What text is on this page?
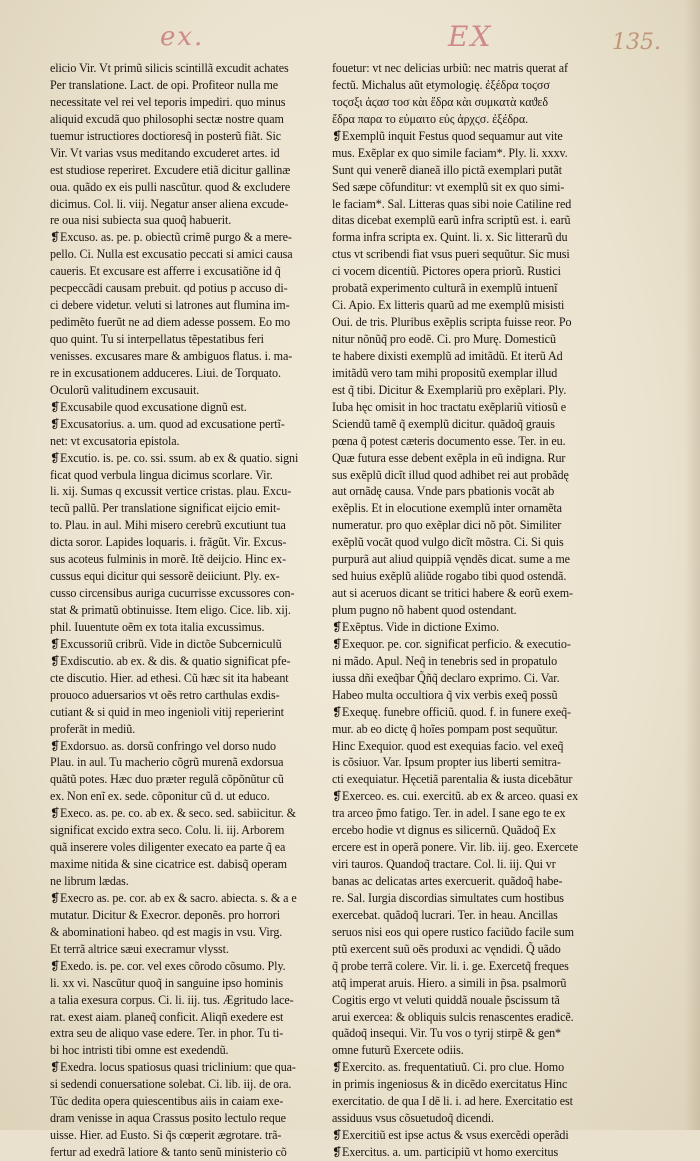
ex.	EX	135.
elicio Vir. Vt primũ silicis scintillã excudit achates
Per translatione. Lact. de opi. Profiteor nulla me
necessitate vel rei vel teporis impediri. quo minus
aliquid excudã quo philosophi sectæ nostre quam
tuemur istructiores doctioresq̃ in posterũ fiãt. Sic
Vir. Vt varias vsus meditando excuderet artes. id
est studiose reperiret. Excudere etiã dicitur gallinæ
oua. quãdo ex eis pulli nascũtur. quod & excludere
dicimus. Col. li. viij. Negatur anser aliena excude-
re oua nisi subiecta sua quoq̃ habuerit.
❡Excuso. as. pe. p. obiectũ crimẽ purgo & a mere-
pello. Ci. Nulla est excusatio peccati si amici causa
caueris. Et excusare est afferre i excusatiõne id q̃
pecpeccãdi causam prebuit. qd potius p accuso di-
ci debere videtur. veluti si latrones aut flumina im-
pedimẽto fuerũt ne ad diem adesse possem. Eo mo
quo quint. Tu si interpellatus tẽpestatibus feri
venisses. excusares mare & ambiguos flatus. i. ma-
re in excusationem adduceres. Liui. de Torquato.
Oculorũ valitudinem excusauit.
❡Excusabile quod excusatione dignũ est.
❡Excusatorius. a. um. quod ad excusatione pertĩ-
net: vt excusatoria epistola.
❡Excutio. is. pe. co. ssi. ssum. ab ex & quatio. signi
ficat quod verbula lingua dicimus scorlare. Vir.
li. xij. Sumas q excussit vertice cristas. plau. Excu-
tecũ pallũ. Per translatione significat eijcio emit-
to. Plau. in aul. Mihi misero cerebrũ excutiunt tua
dicta soror. Lapides loquaris. i. frãgũt. Vir. Excus-
sus acoteus fulminis in morẽ. Itẽ deijcio. Hinc ex-
cussus equi dicitur qui sessorẽ deiiciunt. Ply. ex-
cusso circensibus auriga cucurrisse excussores con-
stat & primatũ obtinuisse. Item eligo. Cice. lib. xij.
phil. Iuuentute oẽm ex tota italia excussimus.
❡Excussoriũ cribrũ. Vide in dictõe Subcerniculũ
❡Exdiscutio. ab ex. & dis. & quatio significat pfe-
cte discutio. Hier. ad ethesi. Cũ hæc sit ita habeant
prouoco aduersarios vt oẽs retro carthulas exdis-
cutiant & si quid in meo ingenioli vitij reperierint
proferãt in mediũ.
❡Exdorsuo. as. dorsũ confringo vel dorso nudo
Plau. in aul. Tu macherio cõgrũ murenã exdorsua
quãtũ potes. Hæc duo præter regulã cõpõnũtur cũ
ex. Non enĩ ex. sede. cõponitur cũ d. ut educo.
❡Execo. as. pe. co. ab ex. & seco. sed. sabiicitur. &
significat excido extra seco. Colu. li. iij. Arborem
quã inserere voles diligenter execato ea parte q̃ ea
maxime nitida & sine cicatrice est. dabisq̃ operam
ne librum lædas.
❡Execro as. pe. cor. ab ex & sacro. abiecta. s. & a e
mutatur. Dicitur & Execror. deponẽs. pro horrori
& abominationi habeo. qd est magis in vsu. Virg.
Et terrã altrice sæui execramur vlysst.
❡Exedo. is. pe. cor. vel exes cõrodo cõsumo. Ply.
li. xx vi. Nascũtur quoq̃ in sanguine ipso hominis
a talia exesura corpus. Ci. li. iij. tus. Ægritudo lace-
rat. exest aiam. planeq̃ conficit. Aliqñ exedere est
extra seu de aliquo vase edere. Ter. in phor. Tu ti-
bi hoc intristi tibi omne est exedendũ.
❡Exedra. locus spatiosus quasi triclinium: que qua-
si sedendi conuersatione solebat. Ci. lib. iij. de ora.
Tũc dedita opera quiescentibus aiis in caiam exe-
dram venisse in aqua Crassus posito lectulo reque
uisse. Hier. ad Eusto. Si q̃s cœperit ægrotare. trã-
fertur ad exedrã latiore & tanto senũ ministerio cõ
fouetur: vt nec delicias urbiũ: nec matris querat af
fectũ. Michalus aũt etymologię. ἐξέδρα τοϛσσ
τοϛσξι ἀϛασ τοσ κὰι ἔδρα κὰι συμκατὰ καϑεδ
ἔδρα παρα το εὐμαιτο εὐς ἀρχϛσ. ἐξέδρα.
❡Exemplũ inquit Festus quod sequamur aut vite
mus. Exẽplar ex quo simile faciam*. Ply. li. xxxv.
Sunt qui venerẽ dianeã illo pictã exemplari putãt
Sed sæpe cõfunditur: vt exemplũ sit ex quo simi-
le faciam*. Sal. Litteras quas sibi noie Catiline red
ditas dicebat exemplũ earũ infra scriptũ est. i. earũ
forma infra scripta ex. Quint. li. x. Sic litterarũ du
ctus vt scribendi fiat vsus pueri sequũtur. Sic musi
ci vocem dicentiũ. Pictores opera priorũ. Rustici
probatã experimento culturã in exemplũ intuenĩ
Ci. Apio. Ex litteris quarũ ad me exemplũ misisti
Oui. de tris. Pluribus exẽplis scripta fuisse reor. Po
nitur nõnũq̃ pro eodẽ. Ci. pro Murę. Domesticũ
te habere dixisti exemplũ ad imitãdũ. Et iterũ Ad
imitãdũ vero tam mihi propositũ exemplar illud
est q̃ tibi. Dicitur & Exemplariũ pro exẽplari. Ply.
Iuba hęc omisit in hoc tractatu exẽplariũ vitiosũ e
Sciendũ tamẽ q̃ exemplũ dicitur. quãdoq̃ grauis
pœna q̃ potest cæteris documento esse. Ter. in eu.
Quæ futura esse debent exẽpla in eũ indigna. Rur
sus exẽplũ dicĩt illud quod adhibet rei aut probãdę
aut ornãdę causa. Vnde pars pbationis vocãt ab
exẽplis. Et in elocutione exemplũ inter ornamẽta
numeratur. pro quo exẽplar dici nõ põt. Similiter
exẽplũ vocãt quod vulgo dicĩt mõstra. Ci. Si quis
purpurã aut aliud quippiã vęndẽs dicat. sume a me
sed huius exẽplũ aliũde rogabo tibi quod ostendã.
aut si aceruos dicant se tritici habere & eorũ exem-
plum pugno nõ habent quod ostendant.
❡Exẽptus. Vide in dictione Eximo.
❡Exequor. pe. cor. significat perficio. & executio-
ni mãdo. Apul. Neq̃ in tenebris sed in propatulo
iussa dñi exeq̃bar Q̃ñq̃ declaro exprimo. Ci. Var.
Habeo multa occultiora q̃ vix verbis exeq̃ possũ
❡Exequę. funebre officiũ. quod. f. in funere exeq̃-
mur. ab eo dictę q̃ hoĩes pompam post sequũtur.
Hinc Exequior. quod est exequias facio. vel exeq̃
is cõsiuor. Var. Ipsum propter ius liberti semitra-
cti exequiatur. Hęcetiã parentalia & iusta dicebãtur
❡Exerceo. es. cui. exercitũ. ab ex & arceo. quasi ex
tra arceo p̃mo fatigo. Ter. in adel. I sane ego te ex
ercebo hodie vt dignus es silicernũ. Quãdoq̃ Ex
ercere est in operã ponere. Vir. lib. iij. geo. Exercete
viri tauros. Quandoq̃ tractare. Col. li. iij. Qui vr
banas ac delicatas artes exercuerit. quãdoq̃ habe-
re. Sal. Iurgia discordias simultates cum hostibus
exercebat. quãdoq̃ lucrari. Ter. in heau. Ancillas
seruos nisi eos qui opere rustico faciũdo facile sum
ptũ exercent suũ oẽs produxi ac vęndidi. Q̃ uãdo
q̃ probe terrã colere. Vir. li. i. ge. Exercetq̃ freques
atq̃ imperat aruis. Hiero. a simili in p̃sa. psalmorũ
Cogitis ergo vt veluti quiddã nouale p̃scissum tã
arui exercea: & obliquis sulcis renascentes eradicẽ.
quãdoq̃ insequi. Vir. Tu vos o tyrij stirpẽ & gen*
omne futurũ Exercete odiis.
❡Exercito. as. frequentatiuũ. Ci. pro clue. Homo
in primis ingeniosus & in dicẽdo exercitatus Hinc
exercitatio. de qua I dẽ li. i. ad here. Exercitatio est
assiduus vsus cõsuetudoq̃ dicendi.
❡Exercitiũ est ipse actus & vsus exercẽdi operãdi
❡Exercitus. a. um. participiũ vt homo exercitus
